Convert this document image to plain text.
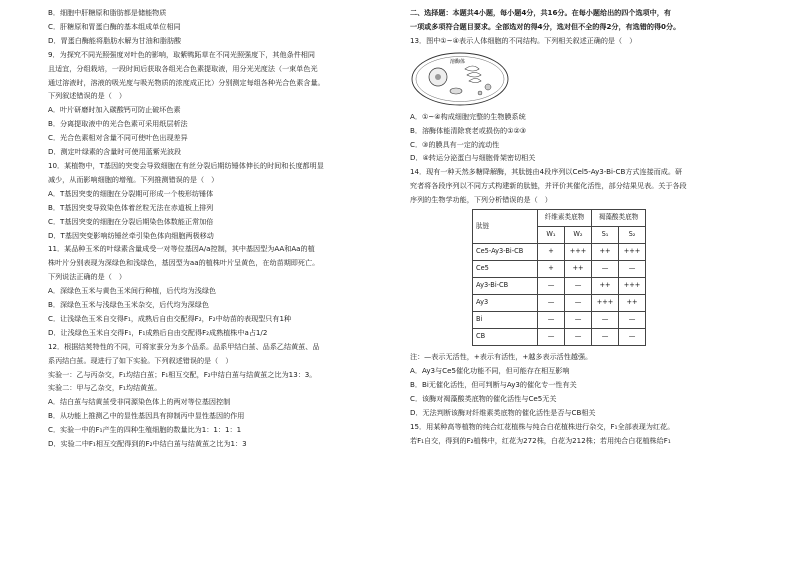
B．细胞中肝糖原和脂肪都是储能物质
C．肝糖原和胃蛋白酶的基本组成单位相同
D．胃蛋白酶能将脂肪水解为甘油和脂肪酸
9．为探究不同光照强度对叶色的影响，取紫鸭跖草在不同光照强度下，其他条件相同
且适宜，分组栽培，一段时间后获取各组光合色素提取液，用分光光度法（一束单色光
通过溶液时，溶液的吸光度与吸光物质的浓度成正比）分别测定每组各种光合色素含量。
下列叙述错误的是（　）
A．叶片研磨时加入碳酸钙可防止破坏色素
B．分离提取液中的光合色素可采用纸层析法
C．光合色素相对含量不同可使叶色出现差异
D．测定叶绿素的含量时可使用蓝紫光波段
10．某植物中，T基因的突变会导致细胞在有丝分裂后期纺锤体伸长的时间和长度都明显
减少，从而影响细胞的增殖。下列推测错误的是（　）
A．T基因突变的细胞在分裂期可形成一个梭形纺锤体
B．T基因突变导致染色体着丝粒无法在赤道板上排列
C．T基因突变的细胞在分裂后期染色体数能正常加倍
D．T基因突变影响纺锤丝牵引染色体向细胞两极移动
11．某品种玉米的叶绿素含量成受一对等位基因A/a控制，其中基因型为AA和Aa的植
株叶片分别表现为深绿色和浅绿色，基因型为aa的植株叶片呈黄色，在幼苗期即死亡。
下列说法正确的是（　）
A．深绿色玉米与黄色玉米间行种植，后代均为浅绿色
B．深绿色玉米与浅绿色玉米杂交，后代均为深绿色
C．让浅绿色玉米自交得F₁，成熟后自由交配得F₂，F₂中幼苗的表现型只有1种
D．让浅绿色玉米自交得F₁，F₁成熟后自由交配得F₂成熟植株中a占1/2
12．根据结荚特性的不同，可将家蚕分为多个品系。品系甲结白茧、品系乙结黄茧、品
系丙结白茧。现进行了如下实验。下列叙述错误的是（　）
实验一：乙与丙杂交，F₁均结白茧；F₁相互交配，F₂中结白茧与结黄茧之比为13：3。
实验二：甲与乙杂交，F₁均结黄茧。
A．结白茧与结黄茧受非同源染色体上的两对等位基因控制
B．从功能上推测乙中的显性基因具有抑制丙中显性基因的作用
C．实验一中的F₁产生的四种生殖细胞的数量比为1：1：1：1
D．实验二中F₁相互交配得到的F₂中结白茧与结黄茧之比为1：3
二、选择题：本题共4小题，每小题4分，共16分。在每小题给出的四个选项中，有
一项或多项符合题目要求。全部选对的得4分，选对但不全的得2分，有选错的得0分。
13．图中①~④表示人体细胞的不同结构。下列相关叙述正确的是（　）
溶酶体
A．①~④构成细胞完整的生物膜系统
B．溶酶体能清除衰老或损伤的①②③
C．③的膜具有一定的流动性
D．④转运分泌蛋白与细胞骨架密切相关
14．现有一种天然多糖降解酶，其肽链由4段序列以Cel5-Ay3-Bi-CB方式连接而成。研
究者将各段序列以不同方式构建新的肽链，并评价其催化活性，部分结果见表。关于各段
序列的生物学功能，下列分析错误的是（　）
肽链	纤维素类底物		褐藻酸类底物	
	W₁	W₂	S₁	S₂
Ce5-Ay3-Bi-CB	+	+++	++	+++
Ce5	+	++	—	—
Ay3-Bi-CB	—	—	++	+++
Ay3	—	—	+++	++
Bi	—	—	—	—
CB	—	—	—	—
注：—表示无活性，+表示有活性，+越多表示活性越强。
A．Ay3与Ce5催化功能不同，但可能存在相互影响
B．Bi无催化活性，但可判断与Ay3的催化专一性有关
C．该酶对褐藻酸类底物的催化活性与Ce5无关
D．无法判断该酶对纤维素类底物的催化活性是否与CB相关
15．用某种高等植物的纯合红花植株与纯合白花植株进行杂交，F₁全部表现为红花。
若F₁自交，得到的F₂植株中，红花为272株，白花为212株；若用纯合白花植株给F₁
